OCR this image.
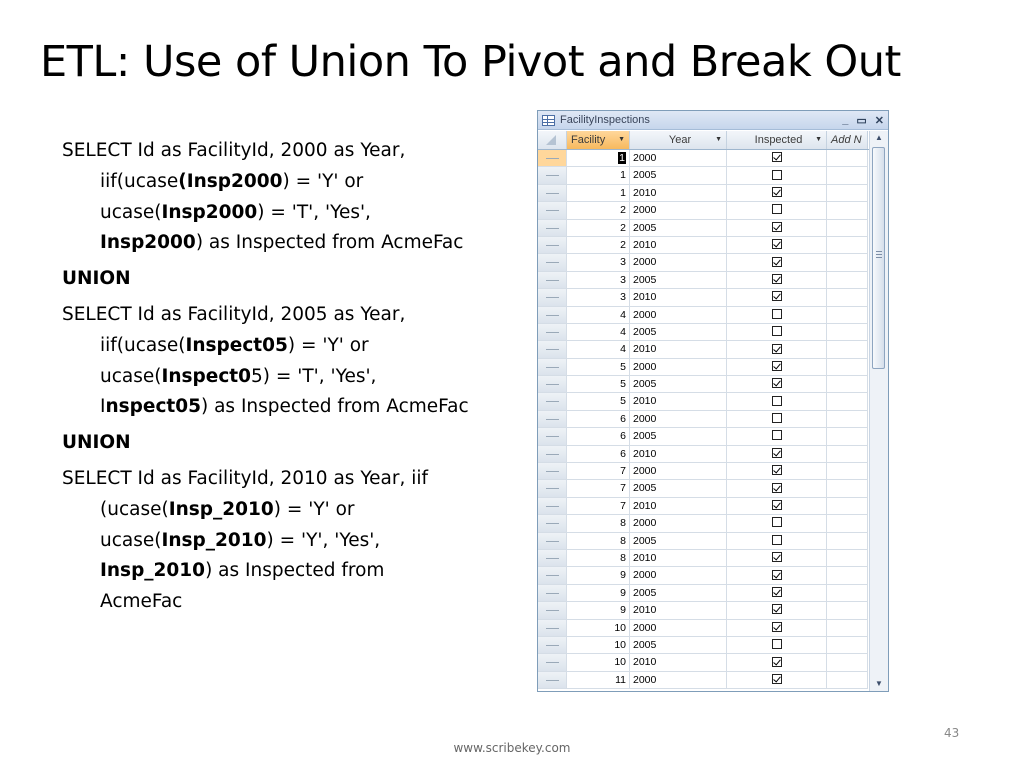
ETL: Use of Union To Pivot and Break Out

SELECT Id as FacilityId, 2000 as Year, iif(ucase(Insp2000) = 'Y' or ucase(Insp2000) = 'T', 'Yes', Insp2000) as Inspected from AcmeFac

UNION

SELECT Id as FacilityId, 2005 as Year, iif(ucase(Inspect05) = 'Y' or ucase(Inspect05) = 'T', 'Yes', Inspect05) as Inspected from AcmeFac

UNION

SELECT Id as FacilityId, 2010 as Year, iif (ucase(Insp_2010) = 'Y' or ucase(Insp_2010) = 'Y', 'Yes', Insp_2010) as Inspected from AcmeFac

FacilityInspections	_ ▭ ✕
Facility ▼	Year	▼	Inspected ▼ Add N
1 2000
1 2005
1 2010
2 2000
2 2005
2 2010
3 2000
3 2005
3 2010
4 2000
4 2005
4 2010
5 2000
5 2005
5 2010
6 2000
6 2005
6 2010
7 2000
7 2005
7 2010
8 2000
8 2005
8 2010
9 2000
9 2005
9 2010
10 2000
10 2005
10 2010
11 2000
▲
▼
43
www.scribekey.com
